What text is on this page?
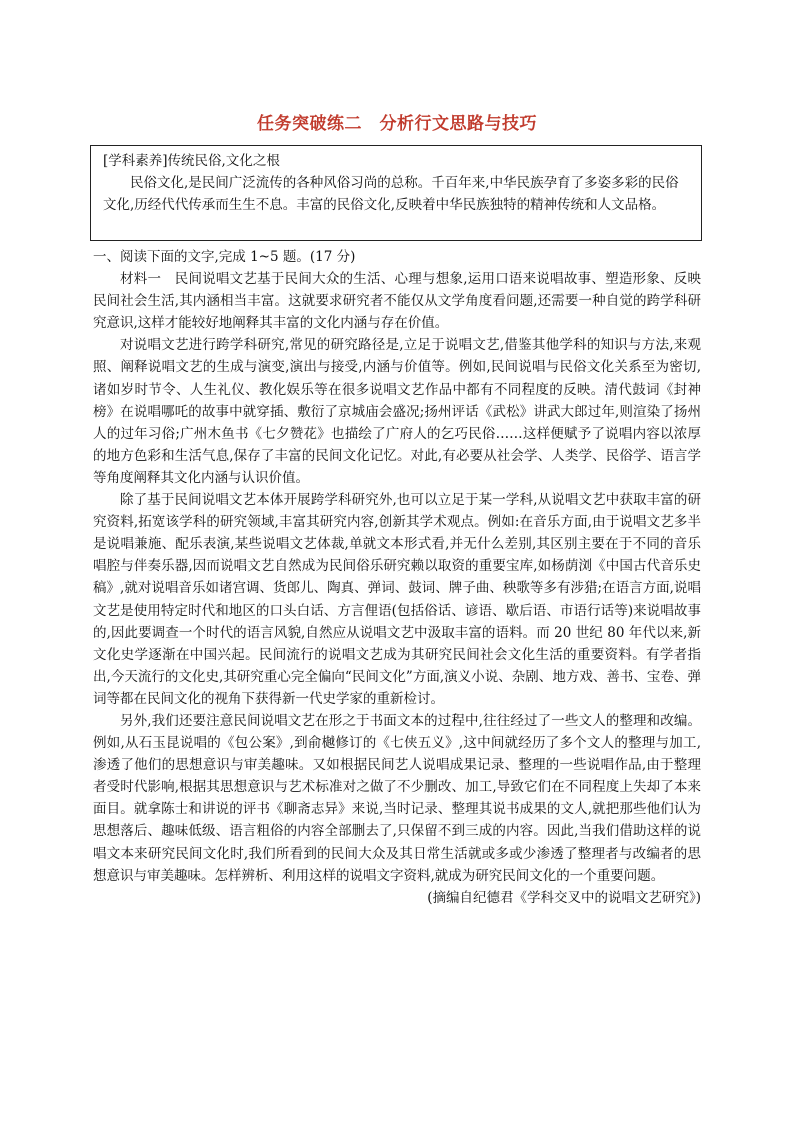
任务突破练二　分析行文思路与技巧
[学科素养]传统民俗,文化之根
民俗文化,是民间广泛流传的各种风俗习尚的总称。千百年来,中华民族孕育了多姿多彩的民俗文化,历经代代传承而生生不息。丰富的民俗文化,反映着中华民族独特的精神传统和人文品格。

一、阅读下面的文字,完成 1~5 题。(17 分)

材料一 民间说唱文艺基于民间大众的生活、心理与想象,运用口语来说唱故事、塑造形象、反映民间社会生活,其内涵相当丰富。这就要求研究者不能仅从文学角度看问题,还需要一种自觉的跨学科研究意识,这样才能较好地阐释其丰富的文化内涵与存在价值。

对说唱文艺进行跨学科研究,常见的研究路径是,立足于说唱文艺,借鉴其他学科的知识与方法,来观照、阐释说唱文艺的生成与演变,演出与接受,内涵与价值等。例如,民间说唱与民俗文化关系至为密切,诸如岁时节令、人生礼仪、教化娱乐等在很多说唱文艺作品中都有不同程度的反映。清代鼓词《封神榜》在说唱哪吒的故事中就穿插、敷衍了京城庙会盛况;扬州评话《武松》讲武大郎过年,则渲染了扬州人的过年习俗;广州木鱼书《七夕赞花》也描绘了广府人的乞巧民俗……这样便赋予了说唱内容以浓厚的地方色彩和生活气息,保存了丰富的民间文化记忆。对此,有必要从社会学、人类学、民俗学、语言学等角度阐释其文化内涵与认识价值。

除了基于民间说唱文艺本体开展跨学科研究外,也可以立足于某一学科,从说唱文艺中获取丰富的研究资料,拓宽该学科的研究领域,丰富其研究内容,创新其学术观点。例如:在音乐方面,由于说唱文艺多半是说唱兼施、配乐表演,某些说唱文艺体裁,单就文本形式看,并无什么差别,其区别主要在于不同的音乐唱腔与伴奏乐器,因而说唱文艺自然成为民间俗乐研究赖以取资的重要宝库,如杨荫浏《中国古代音乐史稿》,就对说唱音乐如诸宫调、货郎儿、陶真、弹词、鼓词、牌子曲、秧歌等多有涉猎;在语言方面,说唱文艺是使用特定时代和地区的口头白话、方言俚语(包括俗话、谚语、歇后语、市语行话等)来说唱故事的,因此要调查一个时代的语言风貌,自然应从说唱文艺中汲取丰富的语料。而 20 世纪 80 年代以来,新文化史学逐渐在中国兴起。民间流行的说唱文艺成为其研究民间社会文化生活的重要资料。有学者指出,今天流行的文化史,其研究重心完全偏向“民间文化”方面,演义小说、杂剧、地方戏、善书、宝卷、弹词等都在民间文化的视角下获得新一代史学家的重新检讨。

另外,我们还要注意民间说唱文艺在形之于书面文本的过程中,往往经过了一些文人的整理和改编。例如,从石玉昆说唱的《包公案》,到俞樾修订的《七侠五义》,这中间就经历了多个文人的整理与加工,渗透了他们的思想意识与审美趣味。又如根据民间艺人说唱成果记录、整理的一些说唱作品,由于整理者受时代影响,根据其思想意识与艺术标准对之做了不少删改、加工,导致它们在不同程度上失却了本来面目。就拿陈士和讲说的评书《聊斋志异》来说,当时记录、整理其说书成果的文人,就把那些他们认为思想落后、趣味低级、语言粗俗的内容全部删去了,只保留不到三成的内容。因此,当我们借助这样的说唱文本来研究民间文化时,我们所看到的民间大众及其日常生活就或多或少渗透了整理者与改编者的思想意识与审美趣味。怎样辨析、利用这样的说唱文字资料,就成为研究民间文化的一个重要问题。

(摘编自纪德君《学科交叉中的说唱文艺研究》)
